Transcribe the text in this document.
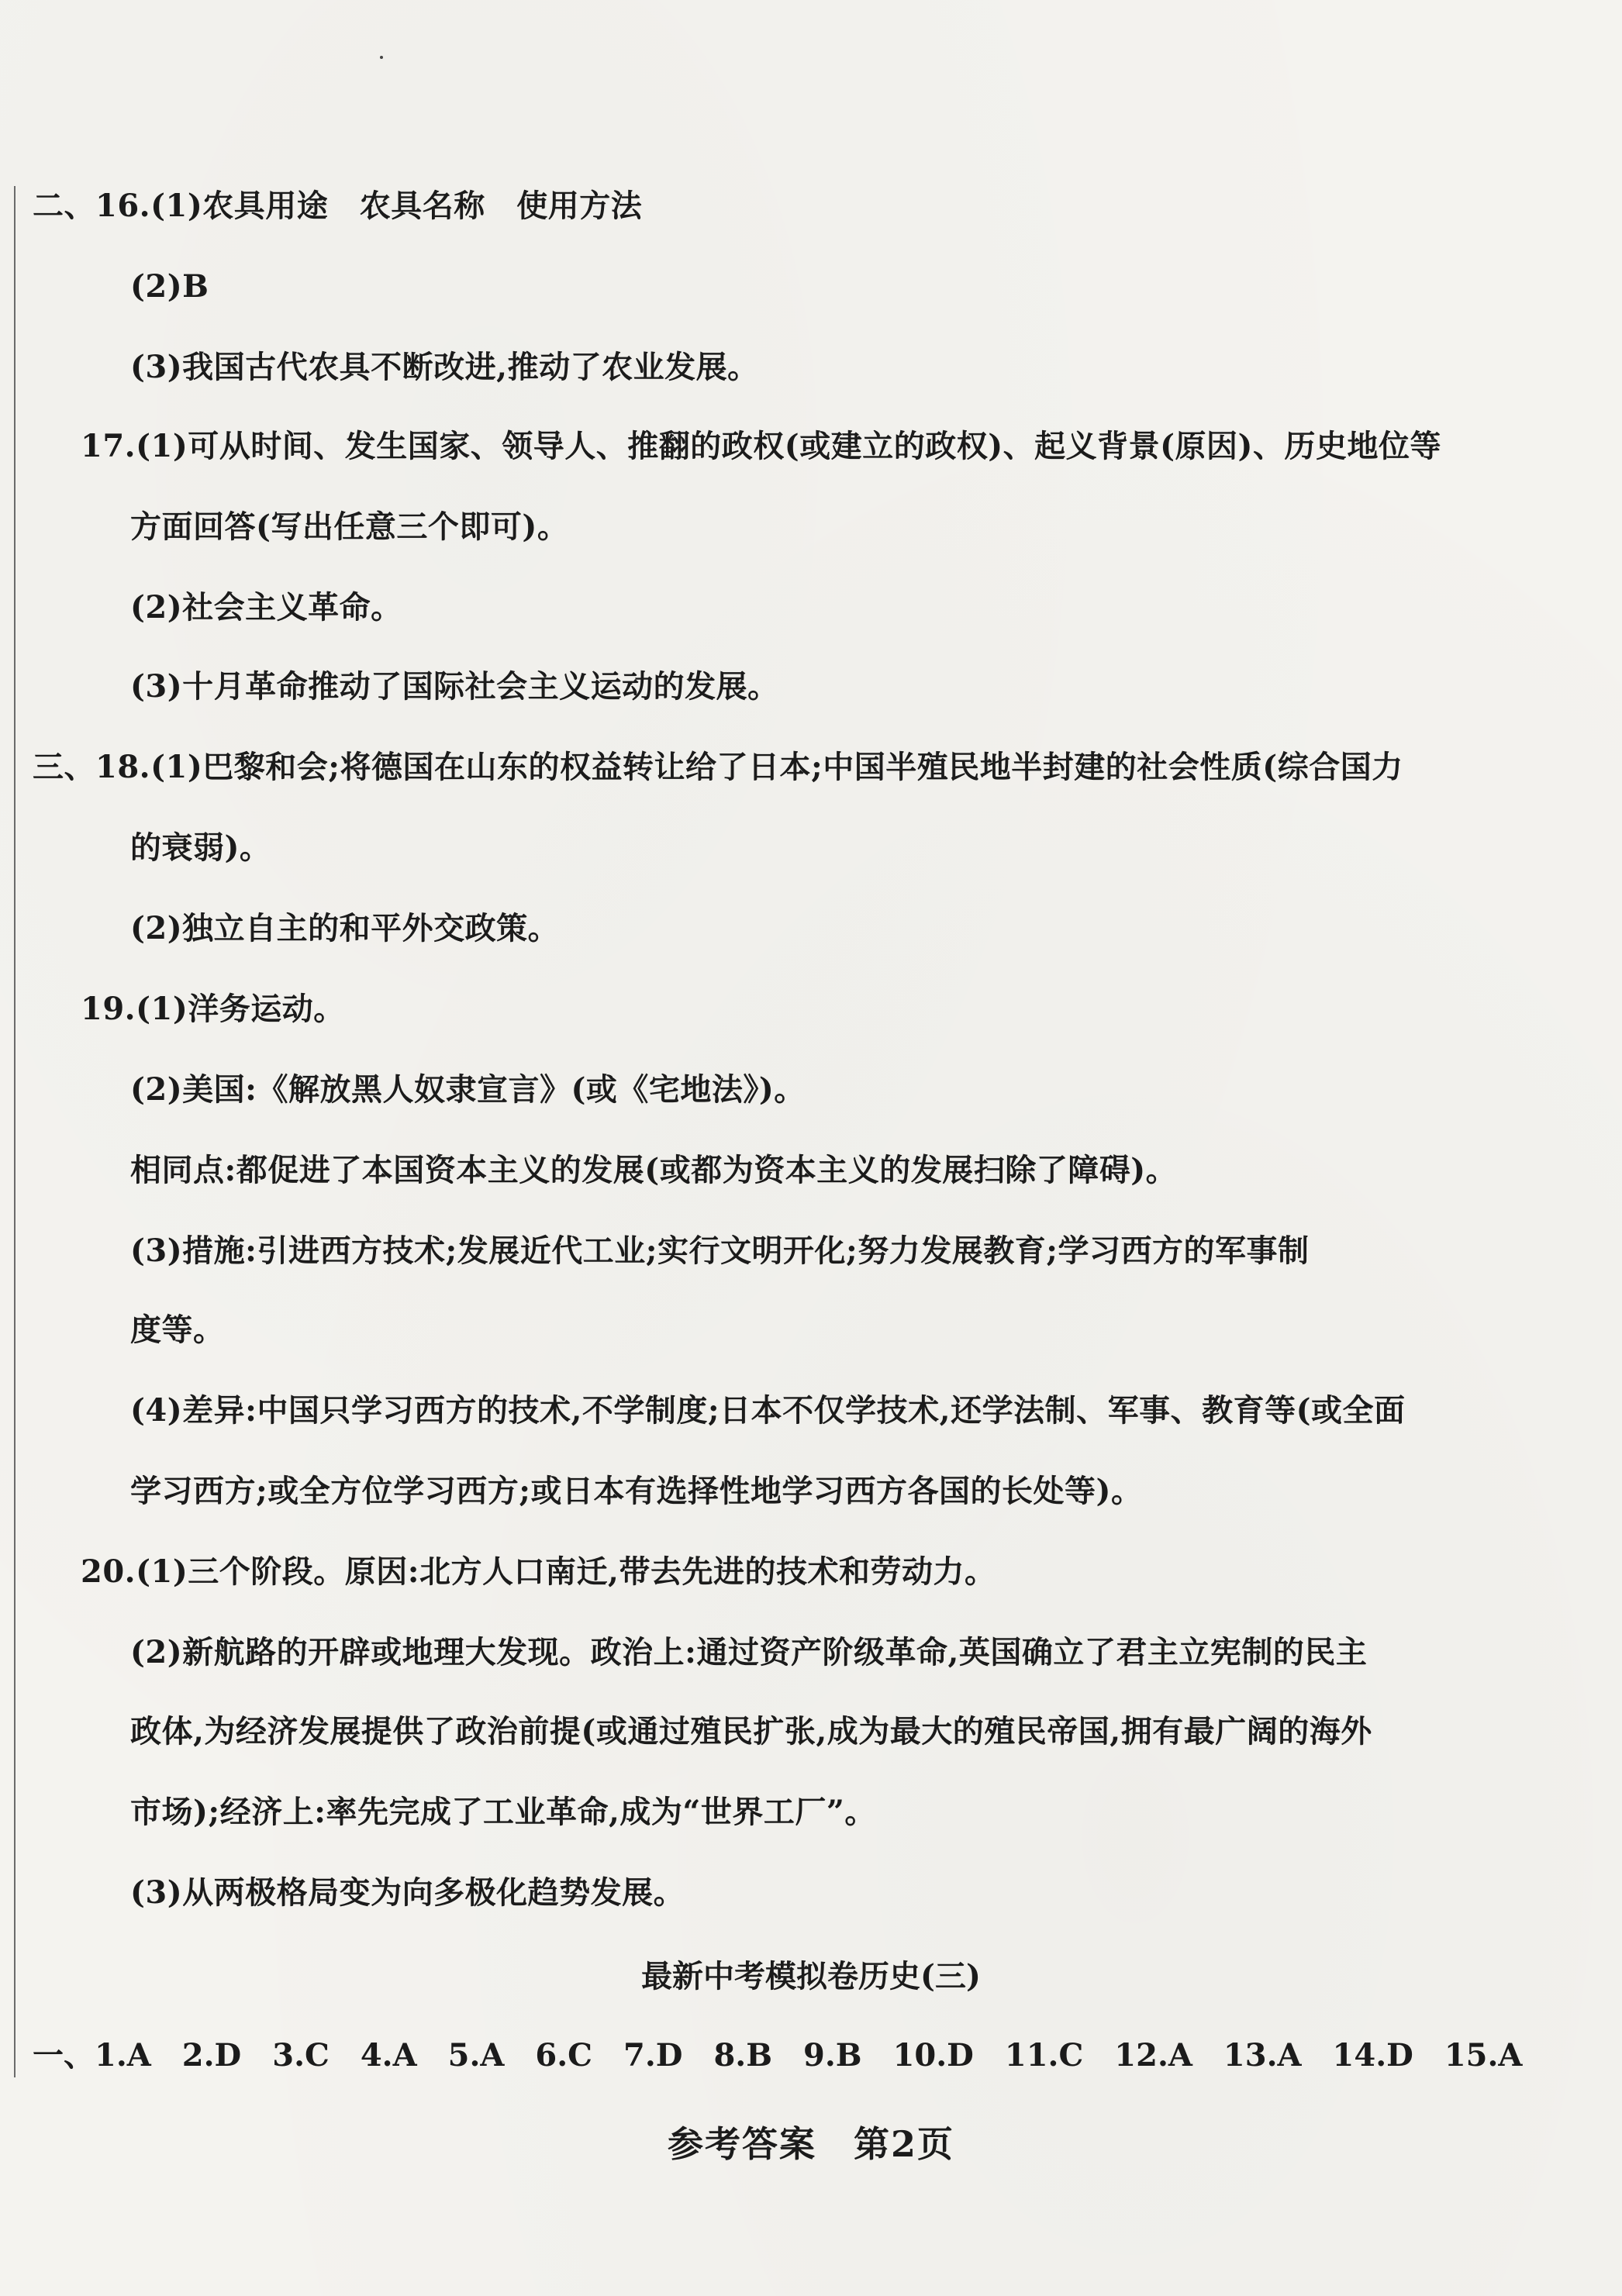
二、16.(1)农具用途　农具名称　使用方法
(2)B
(3)我国古代农具不断改进,推动了农业发展。
17.(1)可从时间、发生国家、领导人、推翻的政权(或建立的政权)、起义背景(原因)、历史地位等
方面回答(写出任意三个即可)。
(2)社会主义革命。
(3)十月革命推动了国际社会主义运动的发展。
三、18.(1)巴黎和会;将德国在山东的权益转让给了日本;中国半殖民地半封建的社会性质(综合国力
的衰弱)。
(2)独立自主的和平外交政策。
19.(1)洋务运动。
(2)美国:《解放黑人奴隶宣言》(或《宅地法》)。
相同点:都促进了本国资本主义的发展(或都为资本主义的发展扫除了障碍)。
(3)措施:引进西方技术;发展近代工业;实行文明开化;努力发展教育;学习西方的军事制
度等。
(4)差异:中国只学习西方的技术,不学制度;日本不仅学技术,还学法制、军事、教育等(或全面
学习西方;或全方位学习西方;或日本有选择性地学习西方各国的长处等)。
20.(1)三个阶段。原因:北方人口南迁,带去先进的技术和劳动力。
(2)新航路的开辟或地理大发现。政治上:通过资产阶级革命,英国确立了君主立宪制的民主
政体,为经济发展提供了政治前提(或通过殖民扩张,成为最大的殖民帝国,拥有最广阔的海外
市场);经济上:率先完成了工业革命,成为“世界工厂”。
(3)从两极格局变为向多极化趋势发展。
最新中考模拟卷历史(三)
一、1.A　2.D　3.C　4.A　5.A　6.C　7.D　8.B　9.B　10.D　11.C　12.A　13.A　14.D　15.A
参考答案　第2页
